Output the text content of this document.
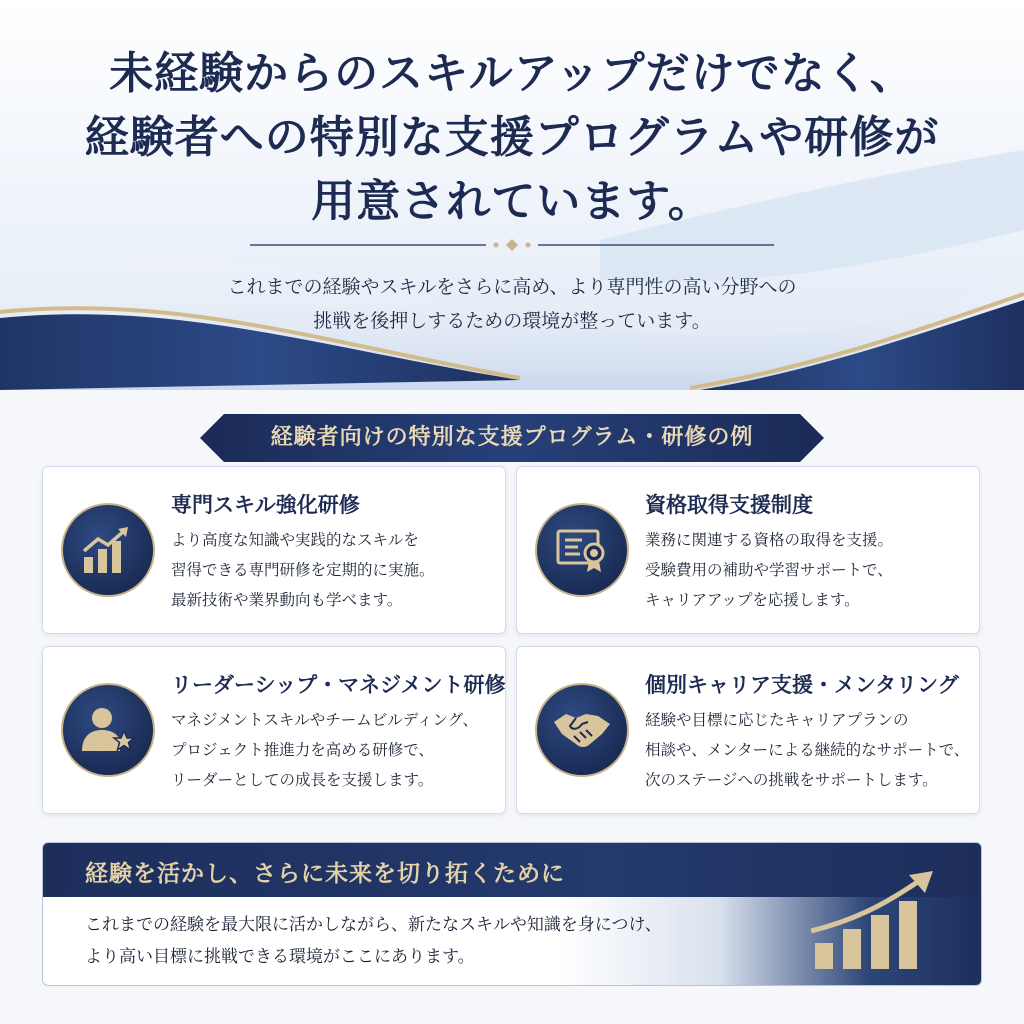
未経験からのスキルアップだけでなく、
経験者への特別な支援プログラムや研修が
用意されています。
これまでの経験やスキルをさらに高め、より専門性の高い分野への
挑戦を後押しするための環境が整っています。
経験者向けの特別な支援プログラム・研修の例
専門スキル強化研修
より高度な知識や実践的なスキルを
習得できる専門研修を定期的に実施。
最新技術や業界動向も学べます。
資格取得支援制度
業務に関連する資格の取得を支援。
受験費用の補助や学習サポートで、
キャリアアップを応援します。
リーダーシップ・マネジメント研修
マネジメントスキルやチームビルディング、
プロジェクト推進力を高める研修で、
リーダーとしての成長を支援します。
個別キャリア支援・メンタリング
経験や目標に応じたキャリアプランの
相談や、メンターによる継続的なサポートで、
次のステージへの挑戦をサポートします。
経験を活かし、さらに未来を切り拓くために
これまでの経験を最大限に活かしながら、新たなスキルや知識を身につけ、
より高い目標に挑戦できる環境がここにあります。
